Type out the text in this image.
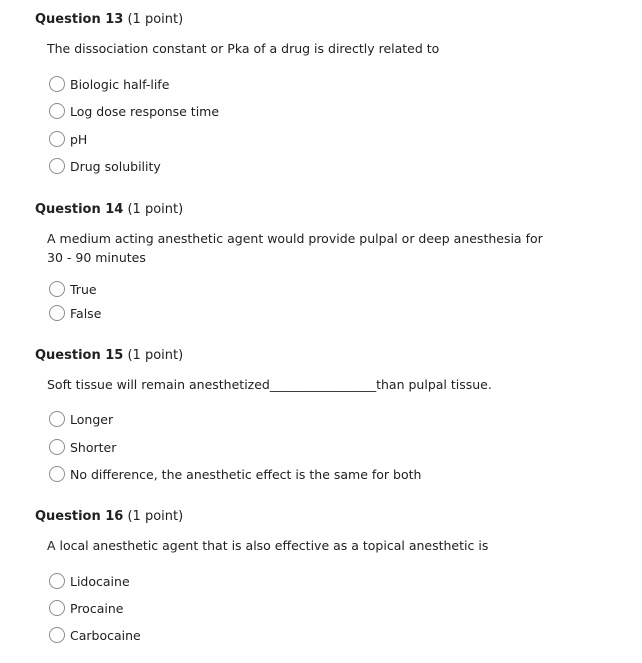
Question 13 (1 point)
The dissociation constant or Pka of a drug is directly related to
Biologic half-life
Log dose response time
pH
Drug solubility
Question 14 (1 point)
A medium acting anesthetic agent would provide pulpal or deep anesthesia for 30 - 90 minutes
True
False
Question 15 (1 point)
Soft tissue will remain anesthetized_________________than pulpal tissue.
Longer
Shorter
No difference, the anesthetic effect is the same for both
Question 16 (1 point)
A local anesthetic agent that is also effective as a topical anesthetic is
Lidocaine
Procaine
Carbocaine
